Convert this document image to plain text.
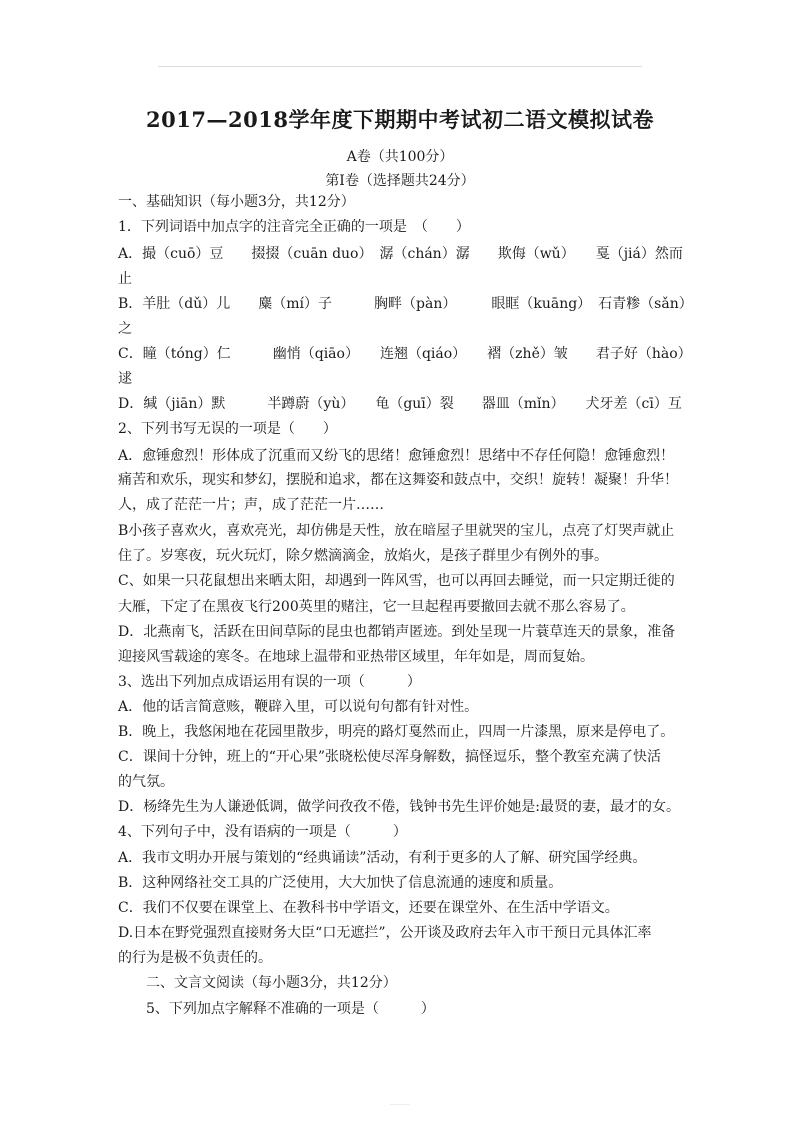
2017—2018学年度下期期中考试初二语文模拟试卷
A卷（共100分）
第Ⅰ卷（选择题共24分）
一、基础知识（每小题3分，共12分）
1．下列词语中加点字的注音完全正确的一项是　（　　）
A．撮（cuō）豆　　掇掇（cuān duo）　潺（chán）潺　　欺侮（wǔ）　　戛（jiá）然而
止
B．羊肚（dǔ）儿　　麋（mí）子　　　胸畔（pàn）　　　眼眶（kuāng）　石青糁（sǎn）
之
C．瞳（tóng）仁　　　幽悄（qiāo）　　连翘（qiáo）　　褶（zhě）皱　　君子好（hào）
逑
D．缄（jiān）默　　　半蹲蔚（yù）　　龟（guī）裂　　器皿（mǐn）　　犬牙差（cī）互
2、下列书写无误的一项是（　　）
A．愈锤愈烈！形体成了沉重而又纷飞的思绪！愈锤愈烈！思绪中不存任何隐！愈锤愈烈！
痛苦和欢乐，现实和梦幻，摆脱和追求，都在这舞姿和鼓点中，交织！旋转！凝聚！升华！
人，成了茫茫一片；声，成了茫茫一片……
B小孩子喜欢火，喜欢亮光，却仿佛是天性，放在暗屋子里就哭的宝儿，点亮了灯哭声就止
住了。岁寒夜，玩火玩灯，除夕燃滴滴金，放焰火，是孩子群里少有例外的事。
C、如果一只花鼠想出来晒太阳，却遇到一阵风雪，也可以再回去睡觉，而一只定期迁徙的
大雁，下定了在黑夜飞行200英里的赌注，它一旦起程再要撤回去就不那么容易了。
D．北燕南飞，活跃在田间草际的昆虫也都销声匿迹。到处呈现一片蓑草连天的景象，准备
迎接风雪载途的寒冬。在地球上温带和亚热带区域里，年年如是，周而复始。
3、选出下列加点成语运用有误的一项（　　　）
A．他的话言简意赅，鞭辟入里，可以说句句都有针对性。
B．晚上，我悠闲地在花园里散步，明亮的路灯戛然而止，四周一片漆黑，原来是停电了。
C．课间十分钟，班上的“开心果”张晓松使尽浑身解数，搞怪逗乐，整个教室充满了快活
的气氛。
D．杨绛先生为人谦逊低调，做学问孜孜不倦，钱钟书先生评价她是:最贤的妻，最才的女。
4、下列句子中，没有语病的一项是（　　　）
A．我市文明办开展与策划的“经典诵读”活动，有利于更多的人了解、研究国学经典。
B．这种网络社交工具的广泛使用，大大加快了信息流通的速度和质量。
C．我们不仅要在课堂上、在教科书中学语文，还要在课堂外、在生活中学语文。
D.日本在野党强烈直接财务大臣“口无遮拦”，公开谈及政府去年入市干预日元具体汇率
的行为是极不负责任的。
二、文言文阅读（每小题3分，共12分）
5、下列加点字解释不准确的一项是（　　　）
